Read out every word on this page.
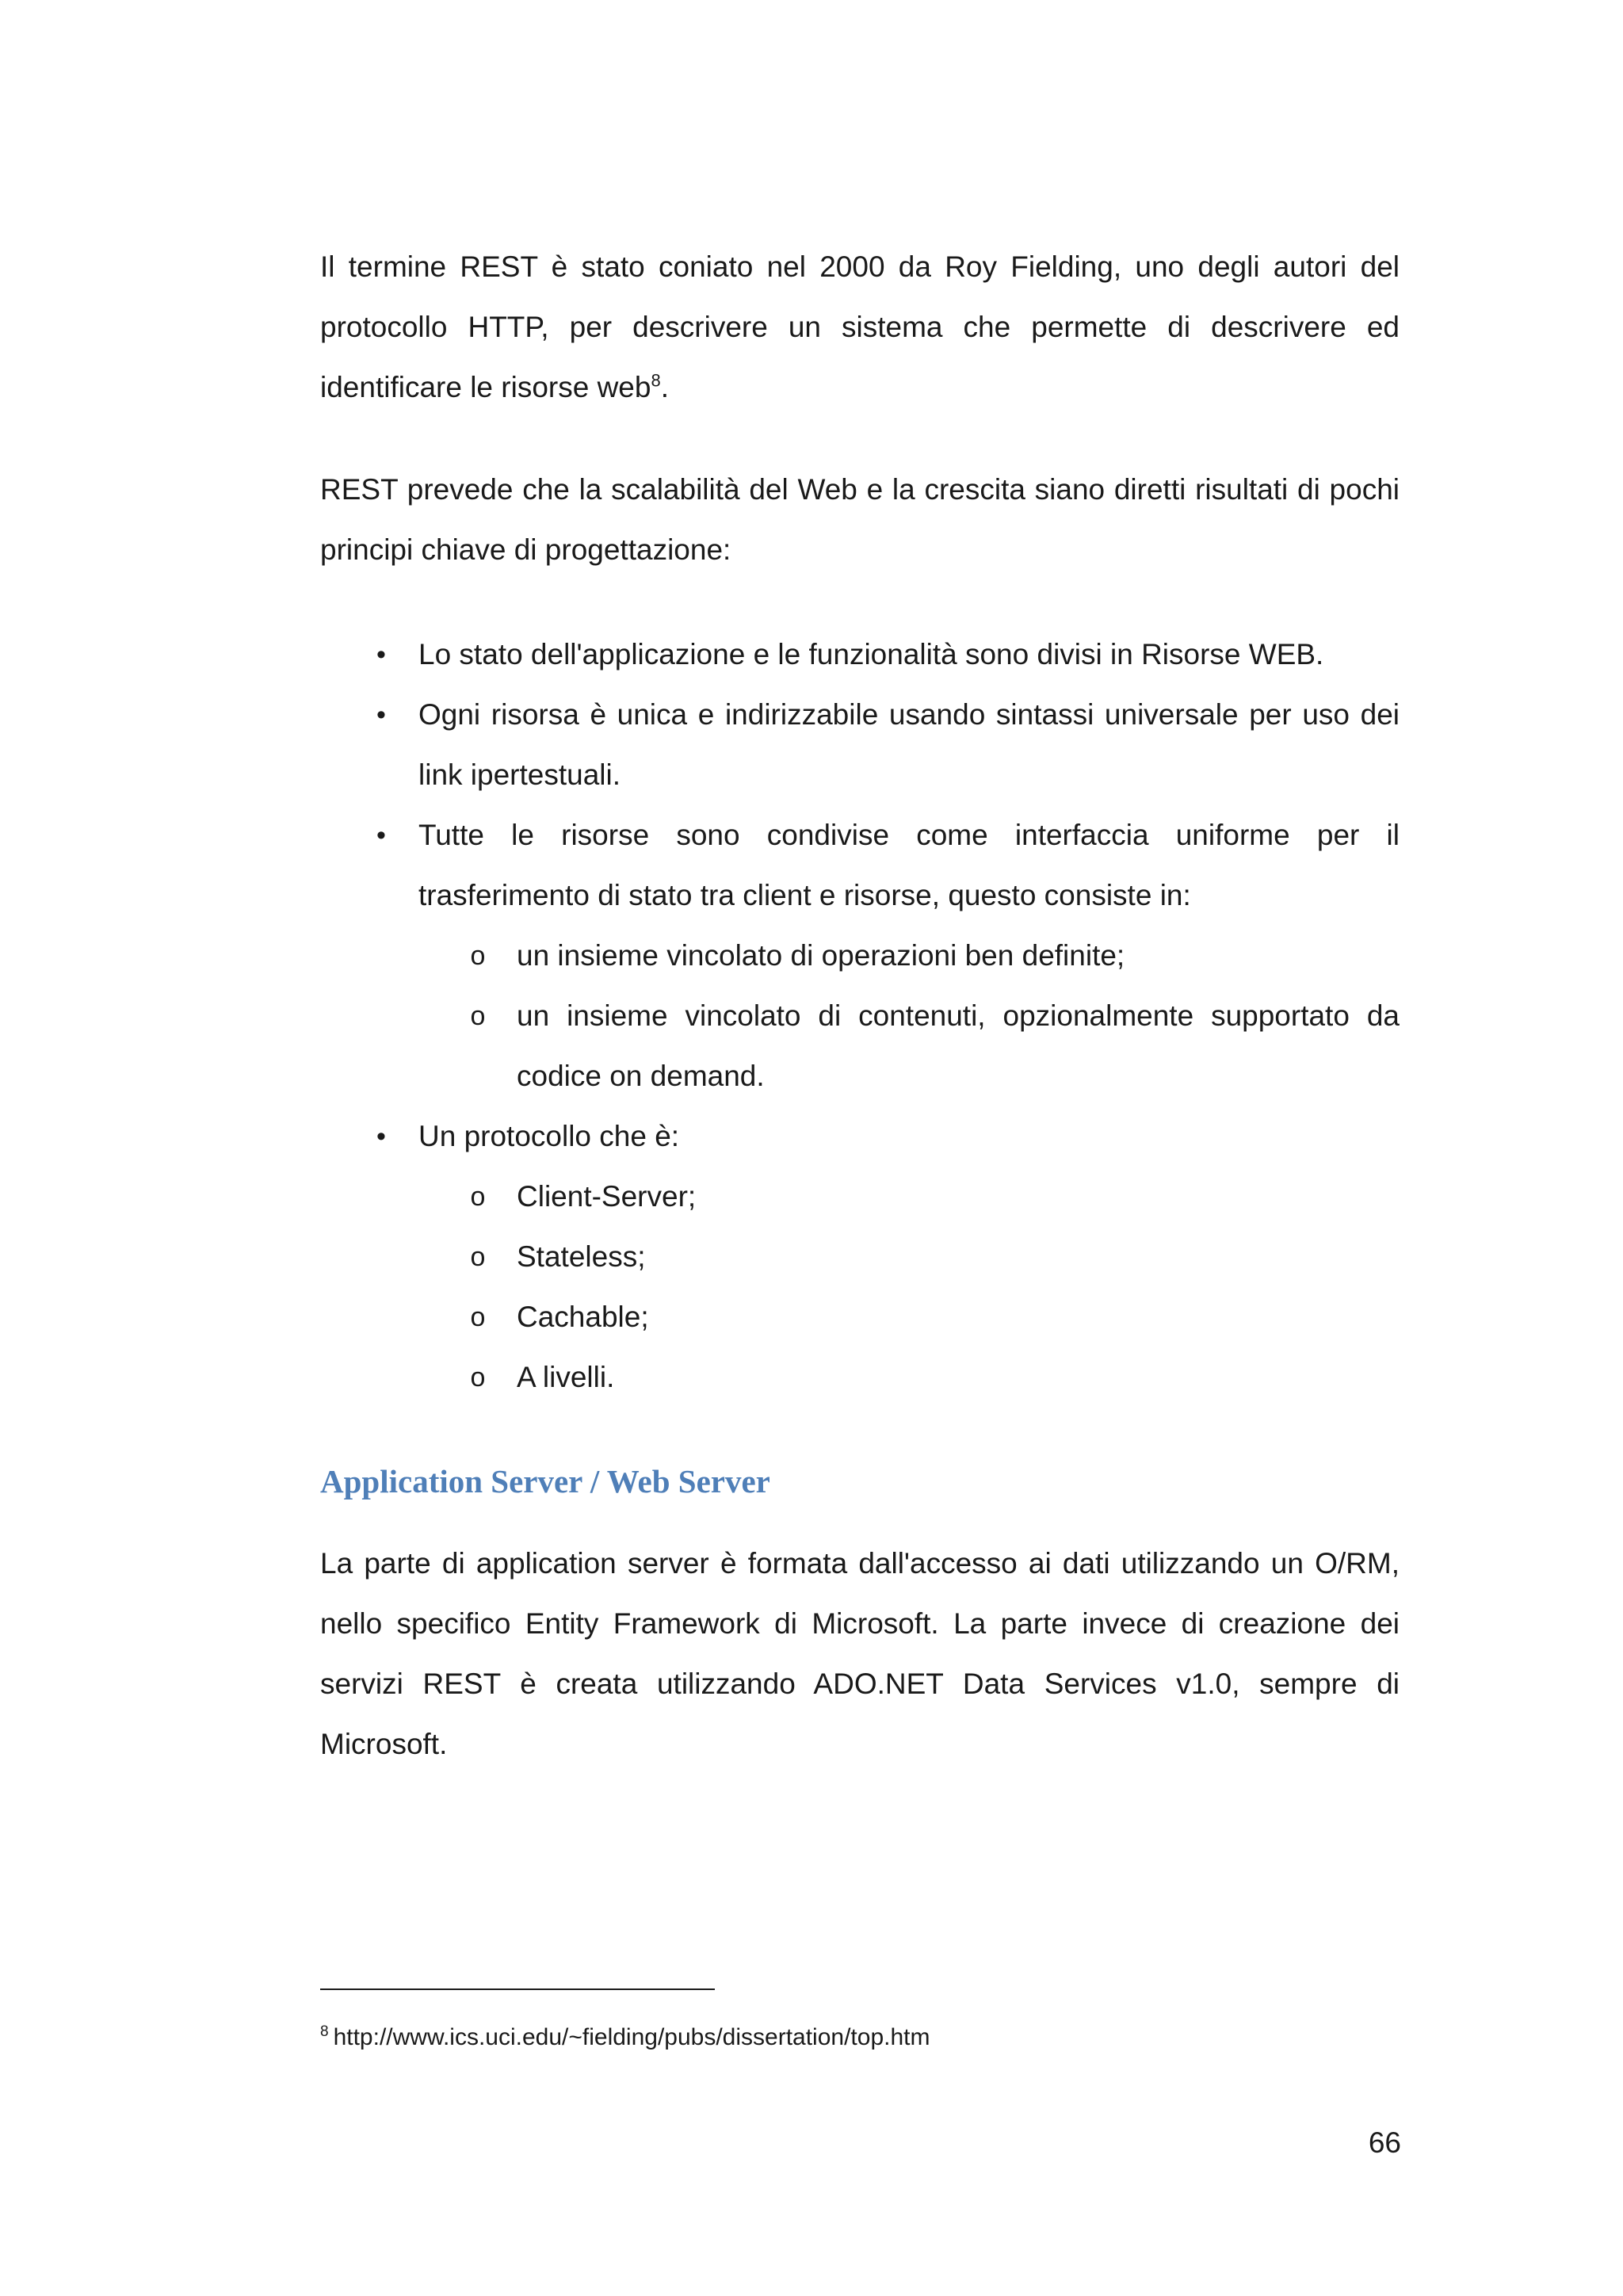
Il termine REST è stato coniato nel 2000 da Roy Fielding, uno degli autori del protocollo HTTP, per descrivere un sistema che permette di descrivere ed identificare le risorse web$^8$.

REST prevede che la scalabilità del Web e la crescita siano diretti risultati di pochi principi chiave di progettazione:

• Lo stato dell'applicazione e le funzionalità sono divisi in Risorse WEB.
• Ogni risorsa è unica e indirizzabile usando sintassi universale per uso dei link ipertestuali.
• Tutte le risorse sono condivise come interfaccia uniforme per il trasferimento di stato tra client e risorse, questo consiste in:
o un insieme vincolato di operazioni ben definite;
o un insieme vincolato di contenuti, opzionalmente supportato da codice on demand.
• Un protocollo che è:
o Client-Server;
o Stateless;
o Cachable;
o A livelli.
Application Server / Web Server

La parte di application server è formata dall'accesso ai dati utilizzando un O/RM, nello specifico Entity Framework di Microsoft. La parte invece di creazione dei servizi REST è creata utilizzando ADO.NET Data Services v1.0, sempre di Microsoft.

$^8$ http://www.ics.uci.edu/~fielding/pubs/dissertation/top.htm

66
